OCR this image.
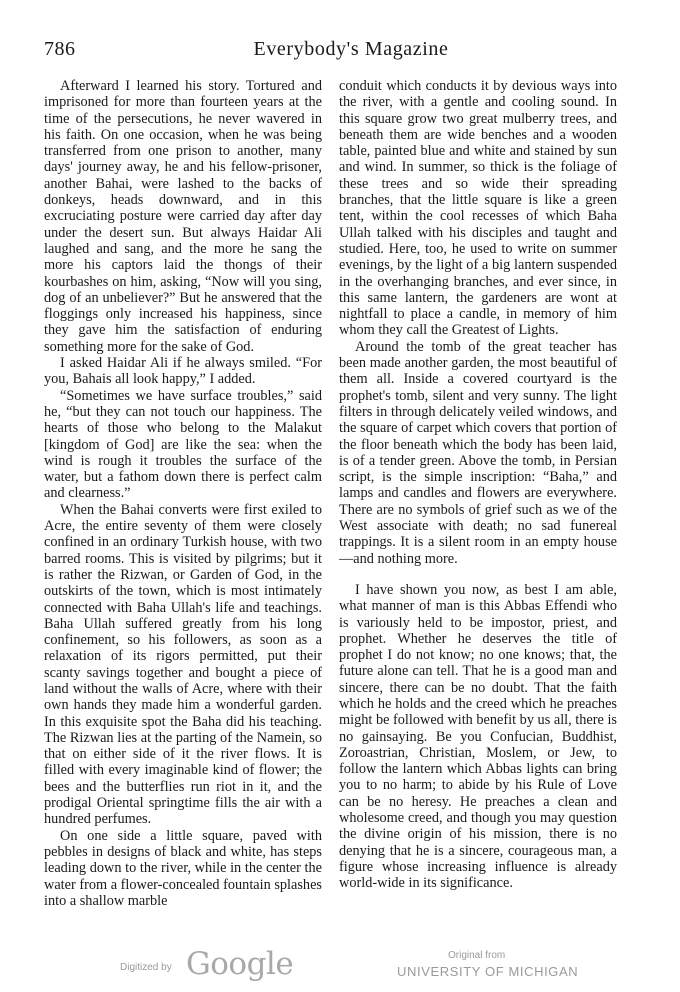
786	Everybody's Magazine

Afterward I learned his story. Tortured and imprisoned for more than fourteen years at the time of the persecutions, he never wavered in his faith. On one occasion, when he was being transferred from one prison to another, many days' journey away, he and his fellow-prisoner, another Bahai, were lashed to the backs of donkeys, heads downward, and in this excruciating posture were carried day after day under the desert sun. But always Haidar Ali laughed and sang, and the more he sang the more his captors laid the thongs of their kourbashes on him, asking, “Now will you sing, dog of an unbeliever?” But he answered that the floggings only increased his happiness, since they gave him the satisfaction of enduring something more for the sake of God.

I asked Haidar Ali if he always smiled. “For you, Bahais all look happy,” I added.

“Sometimes we have surface troubles,” said he, “but they can not touch our happiness. The hearts of those who belong to the Malakut [kingdom of God] are like the sea: when the wind is rough it troubles the surface of the water, but a fathom down there is perfect calm and clearness.”

When the Bahai converts were first exiled to Acre, the entire seventy of them were closely confined in an ordinary Turkish house, with two barred rooms. This is visited by pilgrims; but it is rather the Rizwan, or Garden of God, in the outskirts of the town, which is most intimately connected with Baha Ullah's life and teachings. Baha Ullah suffered greatly from his long confinement, so his followers, as soon as a relaxation of its rigors permitted, put their scanty savings together and bought a piece of land without the walls of Acre, where with their own hands they made him a wonderful garden. In this exquisite spot the Baha did his teaching. The Rizwan lies at the parting of the Namein, so that on either side of it the river flows. It is filled with every imaginable kind of flower; the bees and the butterflies run riot in it, and the prodigal Oriental springtime fills the air with a hundred perfumes.

On one side a little square, paved with pebbles in designs of black and white, has steps leading down to the river, while in the center the water from a flower-concealed fountain splashes into a shallow marble

conduit which conducts it by devious ways into the river, with a gentle and cooling sound. In this square grow two great mulberry trees, and beneath them are wide benches and a wooden table, painted blue and white and stained by sun and wind. In summer, so thick is the foliage of these trees and so wide their spreading branches, that the little square is like a green tent, within the cool recesses of which Baha Ullah talked with his disciples and taught and studied. Here, too, he used to write on summer evenings, by the light of a big lantern suspended in the overhanging branches, and ever since, in this same lantern, the gardeners are wont at nightfall to place a candle, in memory of him whom they call the Greatest of Lights.

Around the tomb of the great teacher has been made another garden, the most beautiful of them all. Inside a covered courtyard is the prophet's tomb, silent and very sunny. The light filters in through delicately veiled windows, and the square of carpet which covers that portion of the floor beneath which the body has been laid, is of a tender green. Above the tomb, in Persian script, is the simple inscription: “Baha,” and lamps and candles and flowers are everywhere. There are no symbols of grief such as we of the West associate with death; no sad funereal trappings. It is a silent room in an empty house—and nothing more.

I have shown you now, as best I am able, what manner of man is this Abbas Effendi who is variously held to be impostor, priest, and prophet. Whether he deserves the title of prophet I do not know; no one knows; that, the future alone can tell. That he is a good man and sincere, there can be no doubt. That the faith which he holds and the creed which he preaches might be followed with benefit by us all, there is no gainsaying. Be you Confucian, Buddhist, Zoroastrian, Christian, Moslem, or Jew, to follow the lantern which Abbas lights can bring you to no harm; to abide by his Rule of Love can be no heresy. He preaches a clean and wholesome creed, and though you may question the divine origin of his mission, there is no denying that he is a sincere, courageous man, a figure whose increasing influence is already world-wide in its significance.

Digitized by Google	Original from
UNIVERSITY OF MICHIGAN
